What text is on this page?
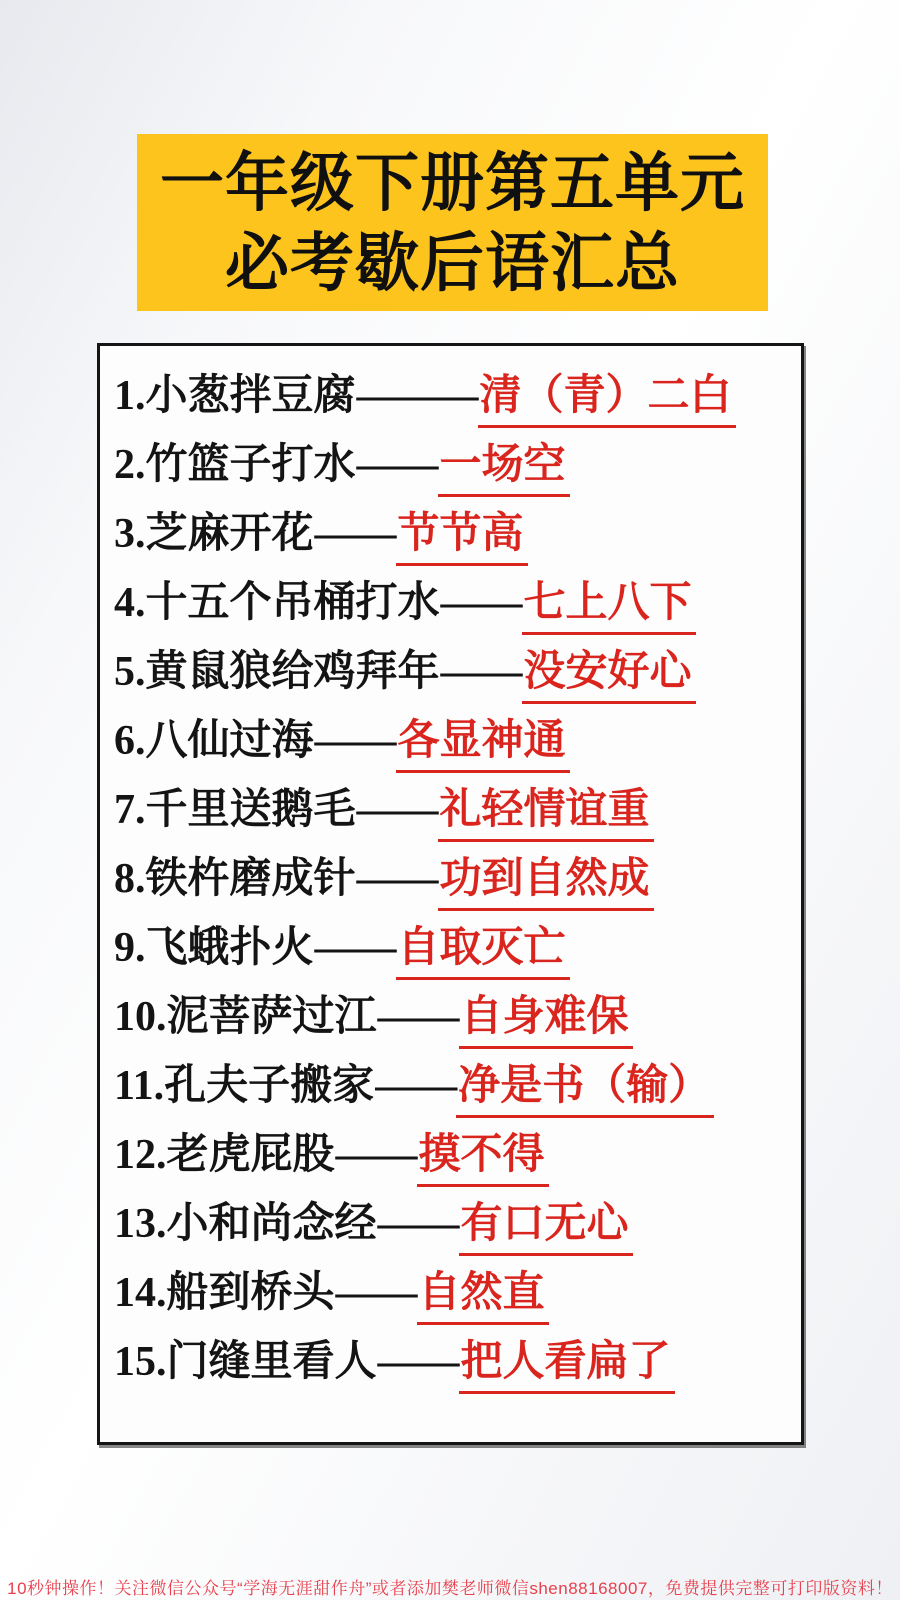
一年级下册第五单元
必考歇后语汇总
1.小葱拌豆腐———清（青）二白
2.竹篮子打水——一场空
3.芝麻开花——节节高
4.十五个吊桶打水——七上八下
5.黄鼠狼给鸡拜年——没安好心
6.八仙过海——各显神通
7.千里送鹅毛——礼轻情谊重
8.铁杵磨成针——功到自然成
9.飞蛾扑火——自取灭亡
10.泥菩萨过江——自身难保
11.孔夫子搬家——净是书（输）
12.老虎屁股——摸不得
13.小和尚念经——有口无心
14.船到桥头——自然直
15.门缝里看人——把人看扁了
10秒钟操作！关注微信公众号“学海无涯甜作舟”或者添加樊老师微信shen88168007，免费提供完整可打印版资料！
